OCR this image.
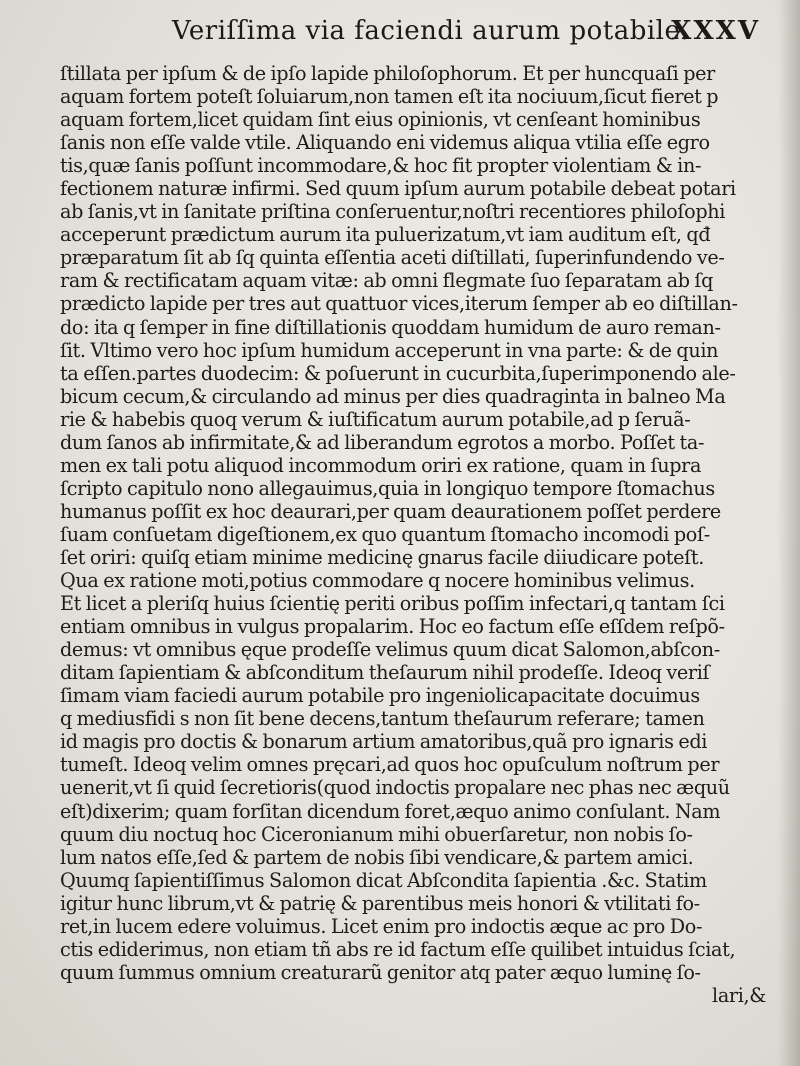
Veriſſima via faciendi aurum potabile.
XXXV
ſtillata per ipſum & de ipſo lapide philoſophorum. Et per huncquaſi per
aquam fortem poteſt ſoluiarum,non tamen eſt ita nociuum,ſicut fieret p
aquam fortem,licet quidam ſint eius opinionis, vt cenſeant hominibus
ſanis non eſſe valde vtile. Aliquando eni videmus aliqua vtilia eſſe egro
tis,quæ ſanis poſſunt incommodare,& hoc fit propter violentiam & in-
fectionem naturæ infirmi. Sed quum ipſum aurum potabile debeat potari
ab ſanis,vt in ſanitate priſtina conſeruentur,noſtri recentiores philoſophi
acceperunt prædictum aurum ita puluerizatum,vt iam auditum eſt, qđ
præparatum ſit ab ſq quinta eſſentia aceti diſtillati, ſuperinfundendo ve-
ram & rectificatam aquam vitæ: ab omni flegmate ſuo ſeparatam ab ſq
prædicto lapide per tres aut quattuor vices,iterum ſemper ab eo diſtillan-
do: ita q ſemper in fine diſtillationis quoddam humidum de auro reman-
ſit. Vltimo vero hoc ipſum humidum acceperunt in vna parte: & de quin
ta eſſen.partes duodecim: & poſuerunt in cucurbita,ſuperimponendo ale-
bicum cecum,& circulando ad minus per dies quadraginta in balneo Ma
rie & habebis quoq verum & iuſtificatum aurum potabile,ad p ſeruã-
dum ſanos ab infirmitate,& ad liberandum egrotos a morbo. Poſſet ta-
men ex tali potu aliquod incommodum oriri ex ratione, quam in ſupra
ſcripto capitulo nono allegauimus,quia in longiquo tempore ſtomachus
humanus poſſit ex hoc deaurari,per quam deaurationem poſſet perdere
ſuam conſuetam digeſtionem,ex quo quantum ſtomacho incomodi poſ-
ſet oriri: quiſq etiam minime medicinę gnarus facile diiudicare poteſt.
Qua ex ratione moti,potius commodare q nocere hominibus velimus.
Et licet a pleriſq huius ſcientię periti oribus poſſim infectari,q tantam ſci
entiam omnibus in vulgus propalarim. Hoc eo factum eſſe eſſdem reſpõ-
demus: vt omnibus ęque prodeſſe velimus quum dicat Salomon,abſcon-
ditam ſapientiam & abſconditum theſaurum nihil prodeſſe. Ideoq veriſ
ſimam viam faciedi aurum potabile pro ingeniolicapacitate docuimus
q mediusfidi s non ſit bene decens,tantum theſaurum referare; tamen
id magis pro doctis & bonarum artium amatoribus,quã pro ignaris edi
tumeſt. Ideoq velim omnes pręcari,ad quos hoc opuſculum noſtrum per
uenerit,vt ſi quid ſecretioris(quod indoctis propalare nec phas nec æquũ
eſt)dixerim; quam forſitan dicendum foret,æquo animo conſulant. Nam
quum diu noctuq hoc Ciceronianum mihi obuerſaretur, non nobis ſo-
lum natos eſſe,ſed & partem de nobis ſibi vendicare,& partem amici.
Quumq ſapientiſſimus Salomon dicat Abſcondita ſapientia .&c. Statim
igitur hunc librum,vt & patrię & parentibus meis honori & vtilitati fo-
ret,in lucem edere voluimus. Licet enim pro indoctis æque ac pro Do-
ctis ediderimus, non etiam tñ abs re id factum eſſe quilibet intuidus ſciat,
quum ſummus omnium creaturarũ genitor atq pater æquo luminę ſo-
lari,&
